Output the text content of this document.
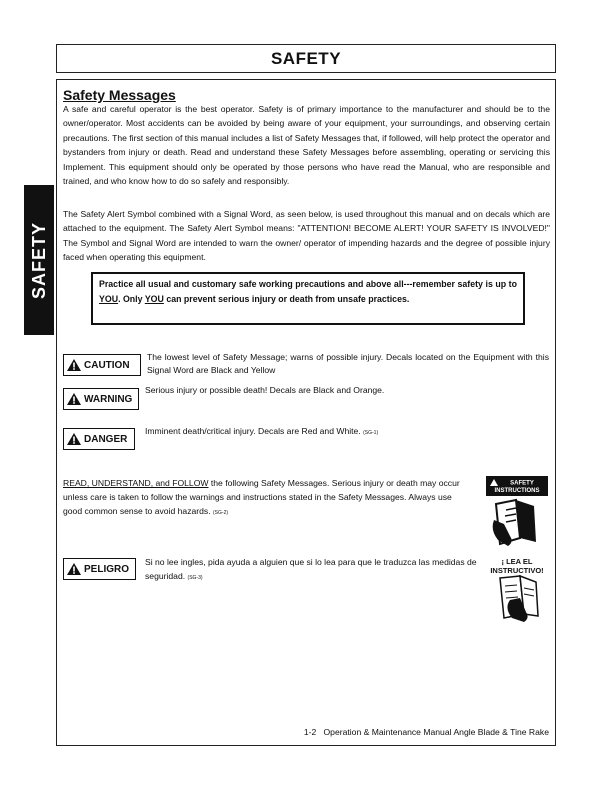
SAFETY
SAFETY
Safety Messages

A safe and careful operator is the best operator. Safety is of primary importance to the manufacturer and should be to the owner/operator. Most accidents can be avoided by being aware of your equipment, your surroundings, and observing certain precautions. The first section of this manual includes a list of Safety Messages that, if followed, will help protect the operator and bystanders from injury or death. Read and understand these Safety Messages before assembling, operating or servicing this Implement. This equipment should only be operated by those persons who have read the Manual, who are responsible and trained, and who know how to do so safely and responsibly.

The Safety Alert Symbol combined with a Signal Word, as seen below, is used throughout this manual and on decals which are attached to the equipment. The Safety Alert Symbol means: "ATTENTION! BECOME ALERT! YOUR SAFETY IS INVOLVED!" The Symbol and Signal Word are intended to warn the owner/ operator of impending hazards and the degree of possible injury faced when operating this equipment.

Practice all usual and customary safe working precautions and above all---remember safety is up to YOU. Only YOU can prevent serious injury or death from unsafe practices.
CAUTION

The lowest level of Safety Message; warns of possible injury. Decals located on the Equipment with this Signal Word are Black and Yellow

WARNING

Serious injury or possible death! Decals are Black and Orange.

DANGER

Imminent death/critical injury. Decals are Red and White. (SG-1)

READ, UNDERSTAND, and FOLLOW the following Safety Messages. Serious injury or death may occur unless care is taken to follow the warnings and instructions stated in the Safety Messages. Always use good common sense to avoid hazards. (SG-2)

SAFETY
INSTRUCTIONS
PELIGRO

Si no lee ingles, pida ayuda a alguien que si lo lea para que le traduzca las medidas de seguridad. (SG-3)

¡ LEA EL
INSTRUCTIVO!
1-2 Operation & Maintenance Manual Angle Blade & Tine Rake
